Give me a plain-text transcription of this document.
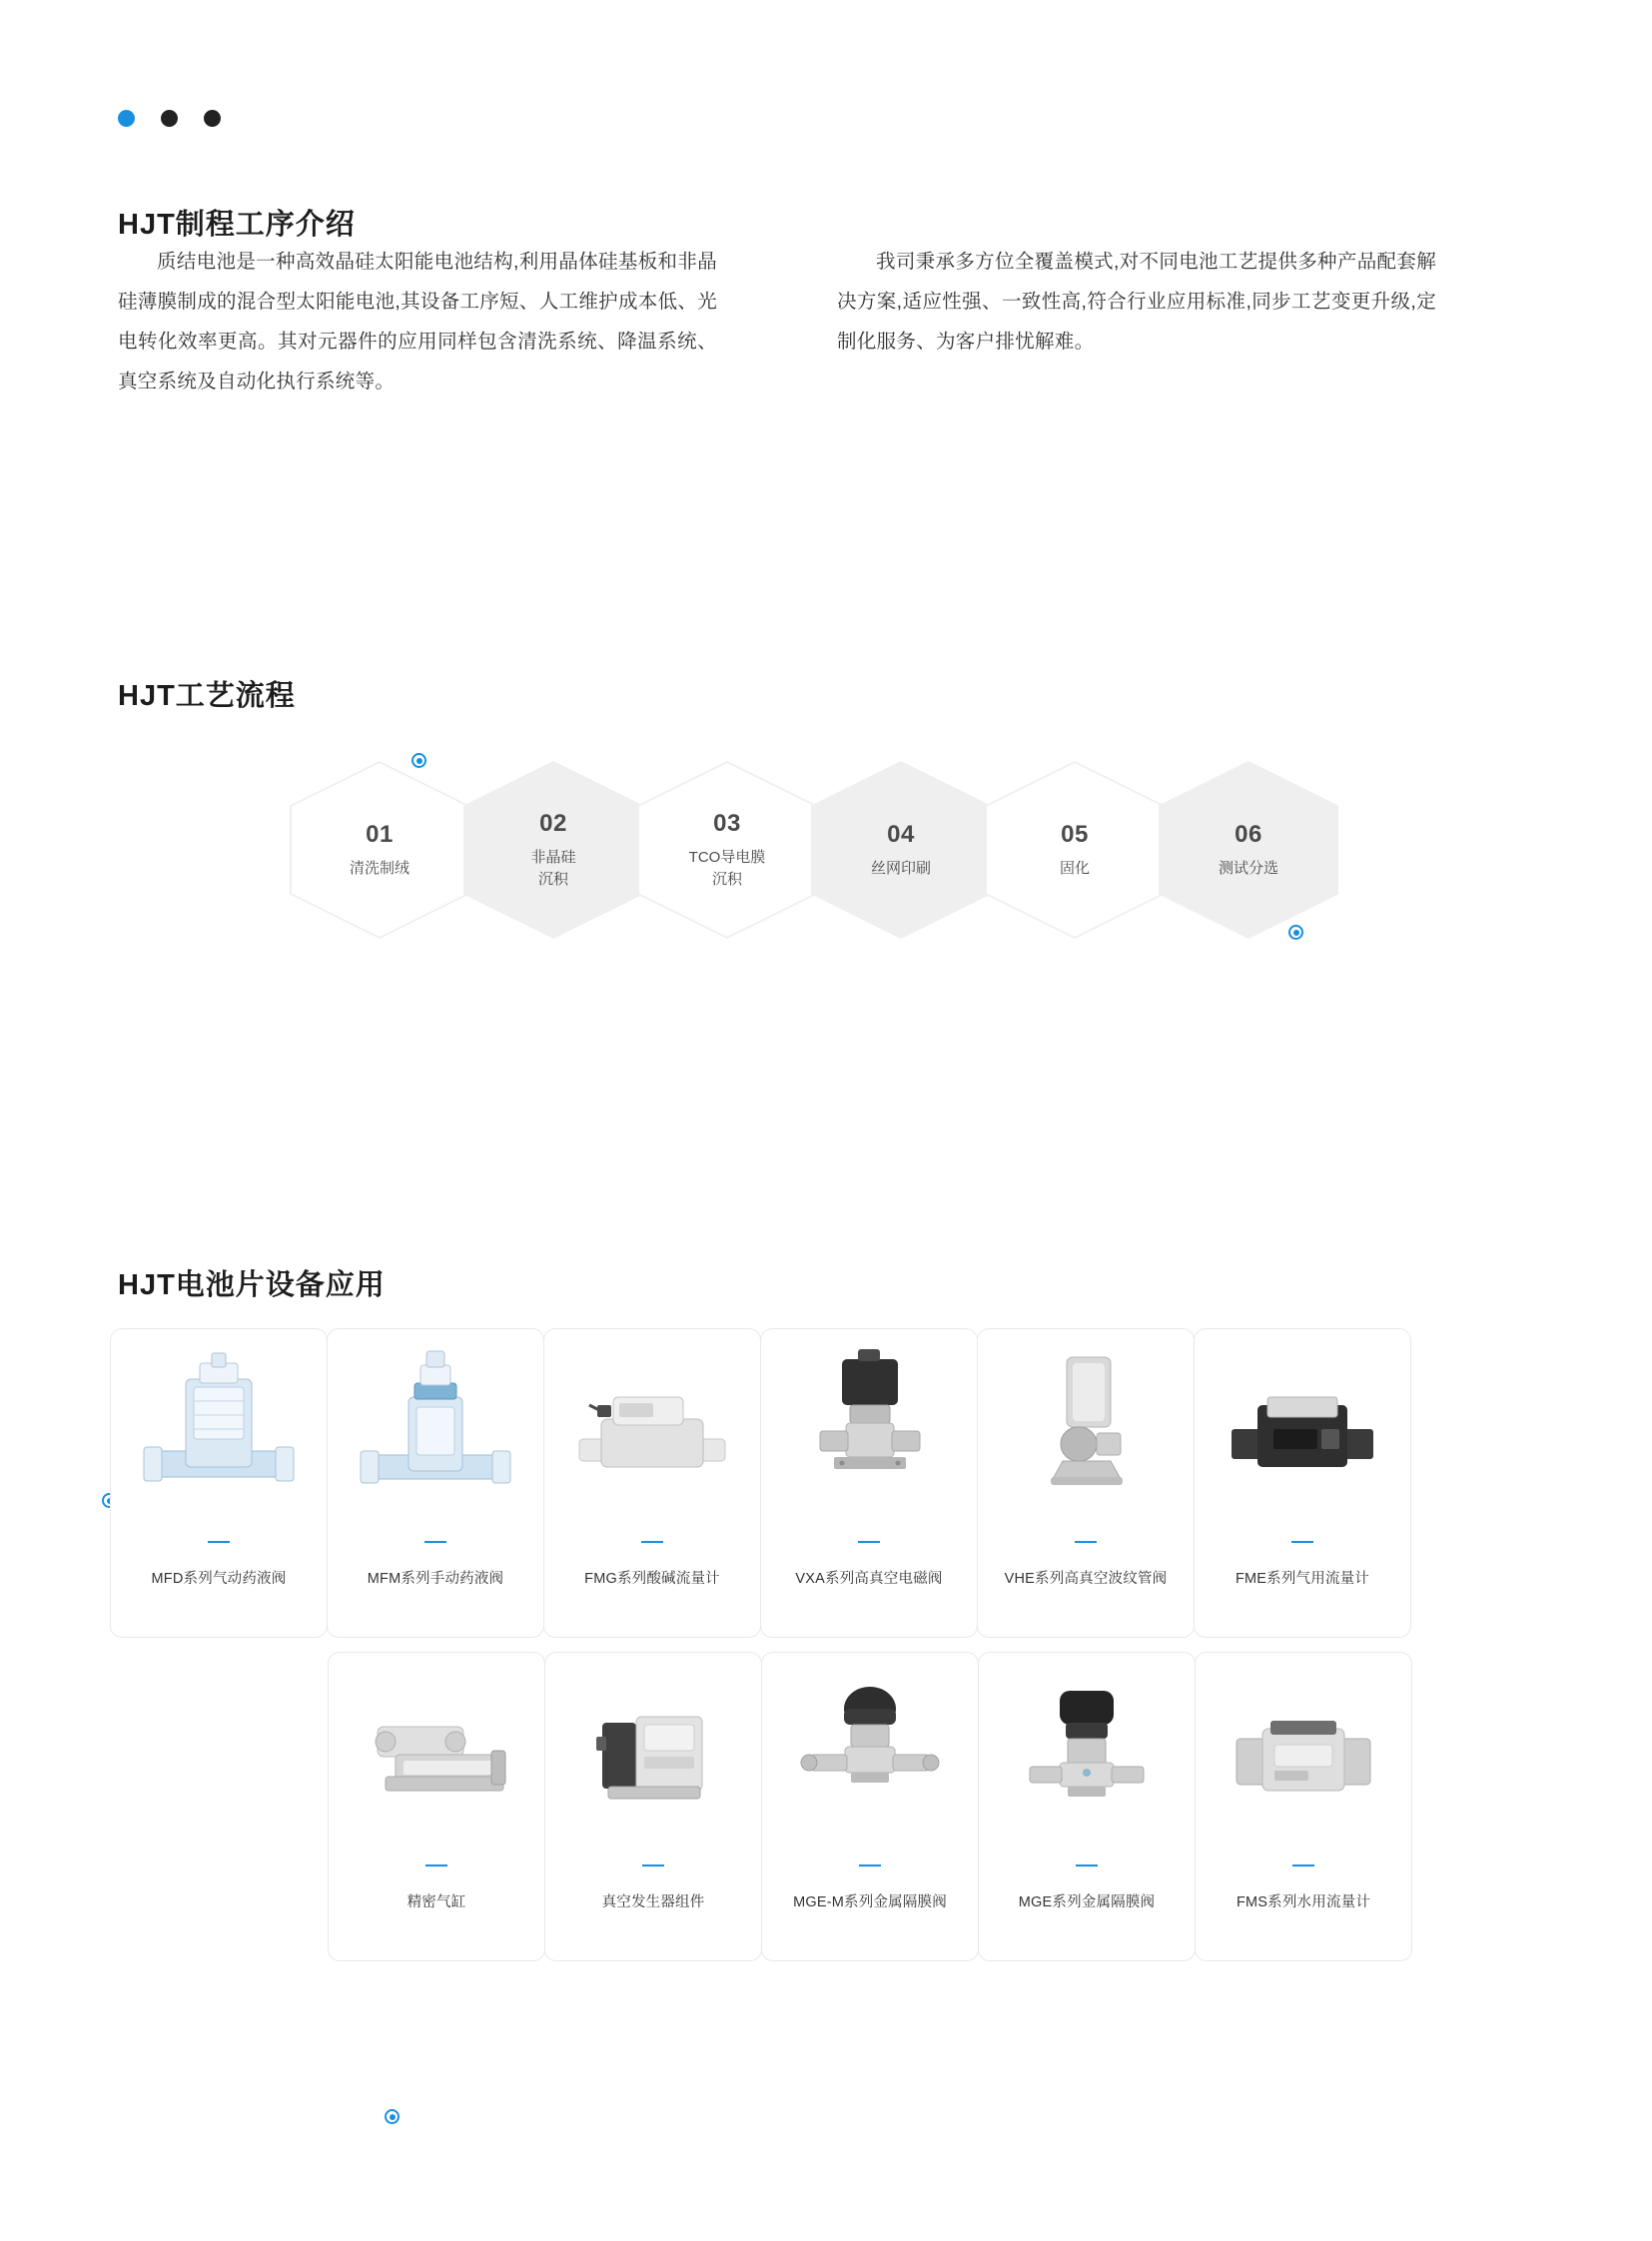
HJT制程工序介绍

质结电池是一种高效晶硅太阳能电池结构,利用晶体硅基板和非晶硅薄膜制成的混合型太阳能电池,其设备工序短、人工维护成本低、光电转化效率更高。其对元器件的应用同样包含清洗系统、降温系统、真空系统及自动化执行系统等。

我司秉承多方位全覆盖模式,对不同电池工艺提供多种产品配套解决方案,适应性强、一致性高,符合行业应用标准,同步工艺变更升级,定制化服务、为客户排忧解难。

HJT工艺流程
01
清洗制绒
02
非晶硅
沉积
03
TCO导电膜
沉积
04
丝网印刷
05
固化
06
测试分选
HJT电池片设备应用
MFD系列气动药液阀	MFM系列手动药液阀	FMG系列酸碱流量计	VXA系列高真空电磁阀	VHE系列高真空波纹管阀	FME系列气用流量计
精密气缸	真空发生器组件	MGE-M系列金属隔膜阀	MGE系列金属隔膜阀	FMS系列水用流量计
